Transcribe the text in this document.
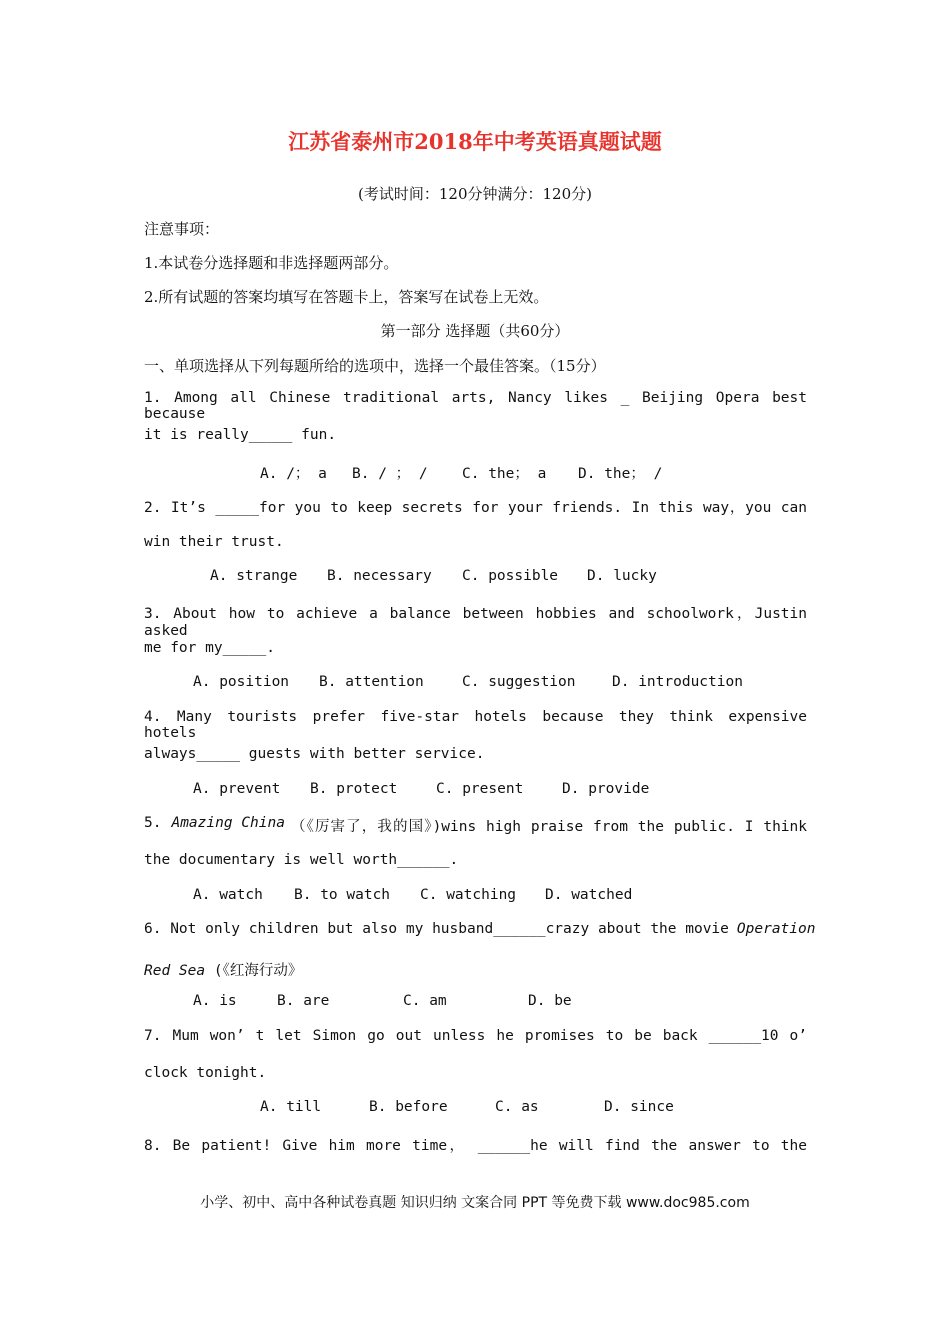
江苏省泰州市2018年中考英语真题试题
(考试时间：120分钟满分：120分)
注意事项：
1.本试卷分选择题和非选择题两部分。
2.所有试题的答案均填写在答题卡上，答案写在试卷上无效。
第一部分 选择题（共60分）
一、单项选择从下列每题所给的选项中，选择一个最佳答案。（15分）
1. Among all Chinese traditional arts, Nancy likes _ Beijing Opera best because
it is really_____ fun.
A. /； a B. / ； / C. the； a D. the； /
2. It’s _____for you to keep secrets for your friends. In this way，you can
win their trust.
A. strange B. necessary C. possible D. lucky
3. About how to achieve a balance between hobbies and schoolwork，Justin asked
me for my_____.
A. position B. attention	C. suggestion	D. introduction
4. Many tourists prefer five-star hotels because they think expensive hotels
always_____ guests with better service.
A. prevent B. protect	C. present	D. provide
5. Amazing China （《厉害了，我的国》)wins high praise from the public. I think
the documentary is well worth______.
A. watch B. to watch C. watching D. watched
6. Not only children but also my husband______crazy about the movie Operation
Red Sea (《红海行动》
A. is	B. are	C. am	D. be
7. Mum won’ t let Simon go out unless he promises to be back ______10 o’
clock tonight.
A. till	B. before	C. as	D. since
8. Be patient! Give him more time， ______he will find the answer to the
小学、初中、高中各种试卷真题 知识归纳 文案合同 PPT 等免费下载 www.doc985.com
